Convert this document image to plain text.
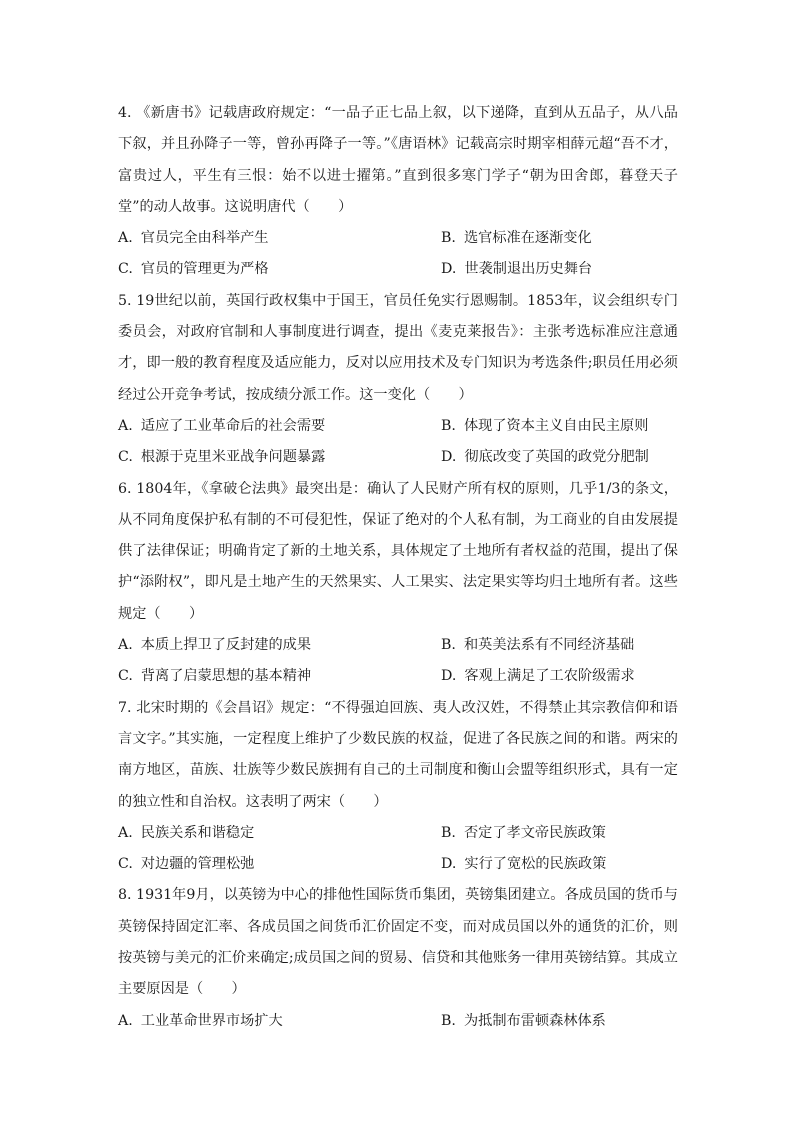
4. 《新唐书》记载唐政府规定：“一品子正七品上叙，以下递降，直到从五品子，从八品下叙，并且孙降子一等，曾孙再降子一等。”《唐语林》记载高宗时期宰相薛元超“吾不才，富贵过人，平生有三恨：始不以进士擢第。”直到很多寒门学子“朝为田舍郎，暮登天子堂”的动人故事。这说明唐代（　　）

A. 官员完全由科举产生	B. 选官标准在逐渐变化
C. 官员的管理更为严格	D. 世袭制退出历史舞台

5. 19世纪以前，英国行政权集中于国王，官员任免实行恩赐制。1853年，议会组织专门委员会，对政府官制和人事制度进行调查，提出《麦克莱报告》：主张考选标准应注意通才，即一般的教育程度及适应能力，反对以应用技术及专门知识为考选条件;职员任用必须经过公开竞争考试，按成绩分派工作。这一变化（　　）

A. 适应了工业革命后的社会需要	B. 体现了资本主义自由民主原则
C. 根源于克里米亚战争问题暴露	D. 彻底改变了英国的政党分肥制

6. 1804年，《拿破仑法典》最突出是：确认了人民财产所有权的原则，几乎1/3的条文，从不同角度保护私有制的不可侵犯性，保证了绝对的个人私有制，为工商业的自由发展提供了法律保证；明确肯定了新的土地关系，具体规定了土地所有者权益的范围，提出了保护“添附权”，即凡是土地产生的天然果实、人工果实、法定果实等均归土地所有者。这些规定（　　）

A. 本质上捍卫了反封建的成果	B. 和英美法系有不同经济基础
C. 背离了启蒙思想的基本精神	D. 客观上满足了工农阶级需求

7. 北宋时期的《会昌诏》规定：“不得强迫回族、夷人改汉姓，不得禁止其宗教信仰和语言文字。”其实施，一定程度上维护了少数民族的权益，促进了各民族之间的和谐。两宋的南方地区，苗族、壮族等少数民族拥有自己的土司制度和衡山会盟等组织形式，具有一定的独立性和自治权。这表明了两宋（　　）

A. 民族关系和谐稳定	B. 否定了孝文帝民族政策
C. 对边疆的管理松弛	D. 实行了宽松的民族政策

8. 1931年9月，以英镑为中心的排他性国际货币集团，英镑集团建立。各成员国的货币与英镑保持固定汇率、各成员国之间货币汇价固定不变，而对成员国以外的通货的汇价，则按英镑与美元的汇价来确定;成员国之间的贸易、信贷和其他账务一律用英镑结算。其成立主要原因是（　　）

A. 工业革命世界市场扩大	B. 为抵制布雷顿森林体系
